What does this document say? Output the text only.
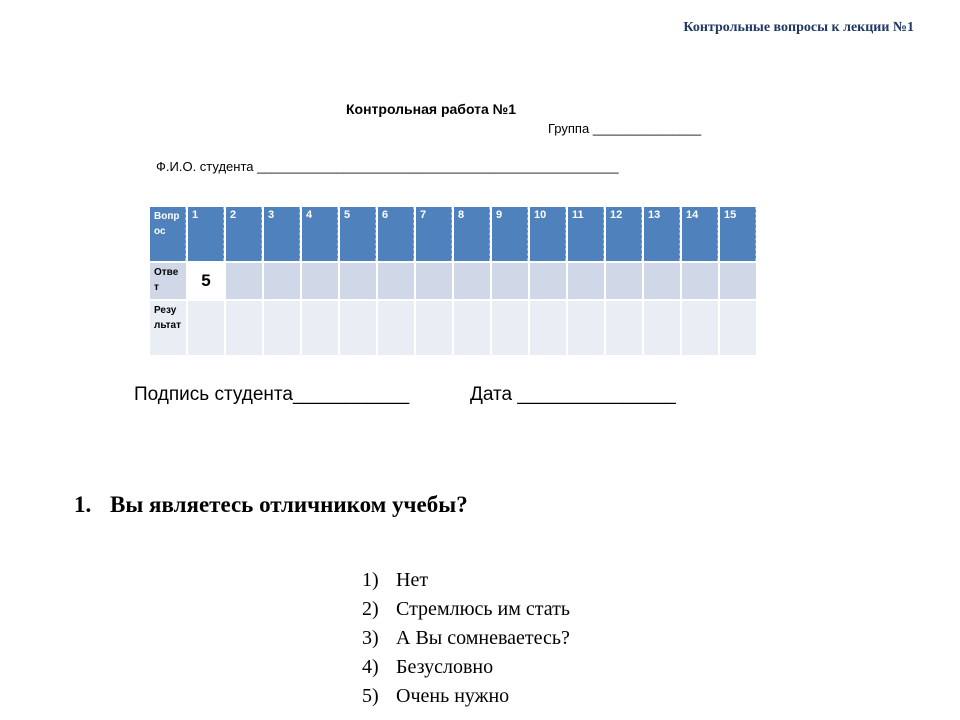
Контрольные вопросы к лекции №1
Контрольная работа №1
Группа _______________
Ф.И.О. студента __________________________________________________
Вопрос	1	2	3	4	5	6	7	8	9	10	11	12	13	14	15
Ответ	5														
Результат															
Подпись студента___________	Дата _______________
1. Вы являетесь отличником учебы?
1) Нет
2) Стремлюсь им стать
3) А Вы сомневаетесь?
4) Безусловно
5) Очень нужно
